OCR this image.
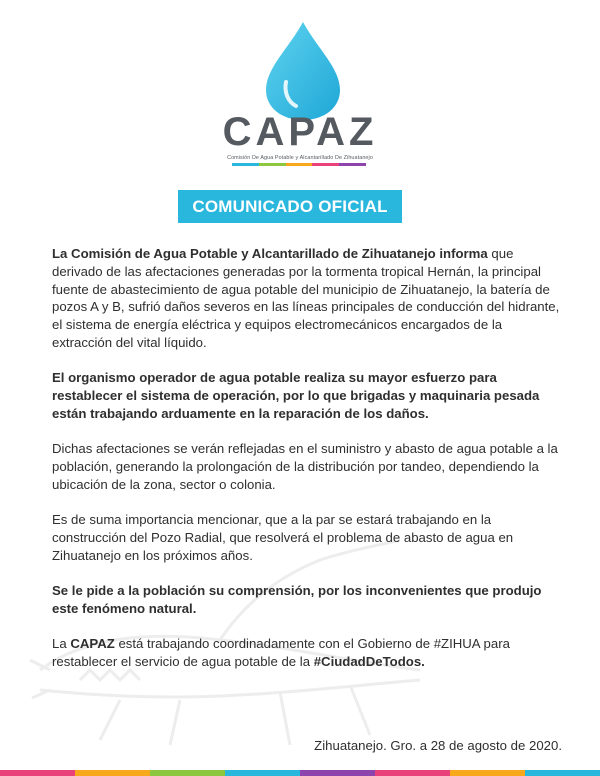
CAPAZ
Comisión De Agua Potable y Alcantarillado De Zihuatanejo
COMUNICADO OFICIAL

La Comisión de Agua Potable y Alcantarillado de Zihuatanejo informa que derivado de las afectaciones generadas por la tormenta tropical Hernán, la principal fuente de abastecimiento de agua potable del municipio de Zihuatanejo, la batería de pozos A y B, sufrió daños severos en las líneas principales de conducción del hidrante, el sistema de energía eléctrica y equipos electromecánicos encargados de la extracción del vital líquido.

El organismo operador de agua potable realiza su mayor esfuerzo para restablecer el sistema de operación, por lo que brigadas y maquinaria pesada están trabajando arduamente en la reparación de los daños.

Dichas afectaciones se verán reflejadas en el suministro y abasto de agua potable a la población, generando la prolongación de la distribución por tandeo, dependiendo la ubicación de la zona, sector o colonia.

Es de suma importancia mencionar, que a la par se estará trabajando en la construcción del Pozo Radial, que resolverá el problema de abasto de agua en Zihuatanejo en los próximos años.

Se le pide a la población su comprensión, por los inconvenientes que produjo este fenómeno natural.

La CAPAZ está trabajando coordinadamente con el Gobierno de #ZIHUA para restablecer el servicio de agua potable de la #CiudadDeTodos.

Zihuatanejo. Gro. a 28 de agosto de 2020.
